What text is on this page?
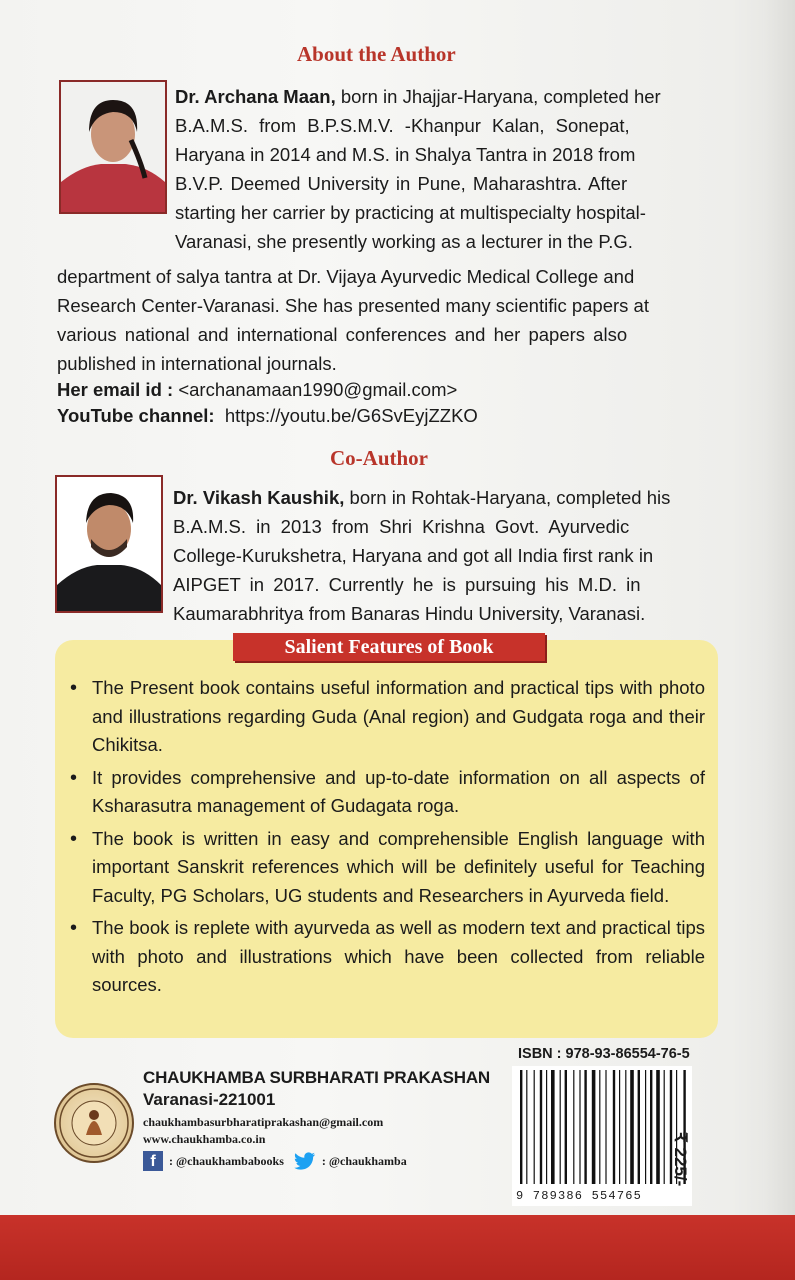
About the Author

Dr. Archana Maan, born in Jhajjar-Haryana, completed her
B.A.M.S. from B.P.S.M.V. -Khanpur Kalan, Sonepat,
Haryana in 2014 and M.S. in Shalya Tantra in 2018 from
B.V.P. Deemed University in Pune, Maharashtra. After
starting her carrier by practicing at multispecialty hospital-
Varanasi, she presently working as a lecturer in the P.G.

department of salya tantra at Dr. Vijaya Ayurvedic Medical College and
Research Center-Varanasi. She has presented many scientific papers at
various national and international conferences and her papers also
published in international journals.

Her email id : <archanamaan1990@gmail.com>
YouTube channel: https://youtu.be/G6SvEyjZZKO
Co-Author

Dr. Vikash Kaushik, born in Rohtak-Haryana, completed his
B.A.M.S. in 2013 from Shri Krishna Govt. Ayurvedic
College-Kurukshetra, Haryana and got all India first rank in
AIPGET in 2017. Currently he is pursuing his M.D. in
Kaumarabhritya from Banaras Hindu University, Varanasi.

Salient Features of Book
• The Present book contains useful information and practical tips with photo and illustrations regarding Guda (Anal region) and Gudgata roga and their Chikitsa.
• It provides comprehensive and up-to-date information on all aspects of Ksharasutra management of Gudagata roga.
• The book is written in easy and comprehensible English language with important Sanskrit references which will be definitely useful for Teaching Faculty, PG Scholars, UG students and Researchers in Ayurveda field.
• The book is replete with ayurveda as well as modern text and practical tips with photo and illustrations which have been collected from reliable sources.
CHAUKHAMBA SURBHARATI PRAKASHAN
Varanasi-221001
chaukhambasurbharatiprakashan@gmail.com
www.chaukhamba.co.in
f	: @chaukhambabooks	: @chaukhamba
ISBN : 978-93-86554-76-5
9 789386 554765
₹ 225/-
